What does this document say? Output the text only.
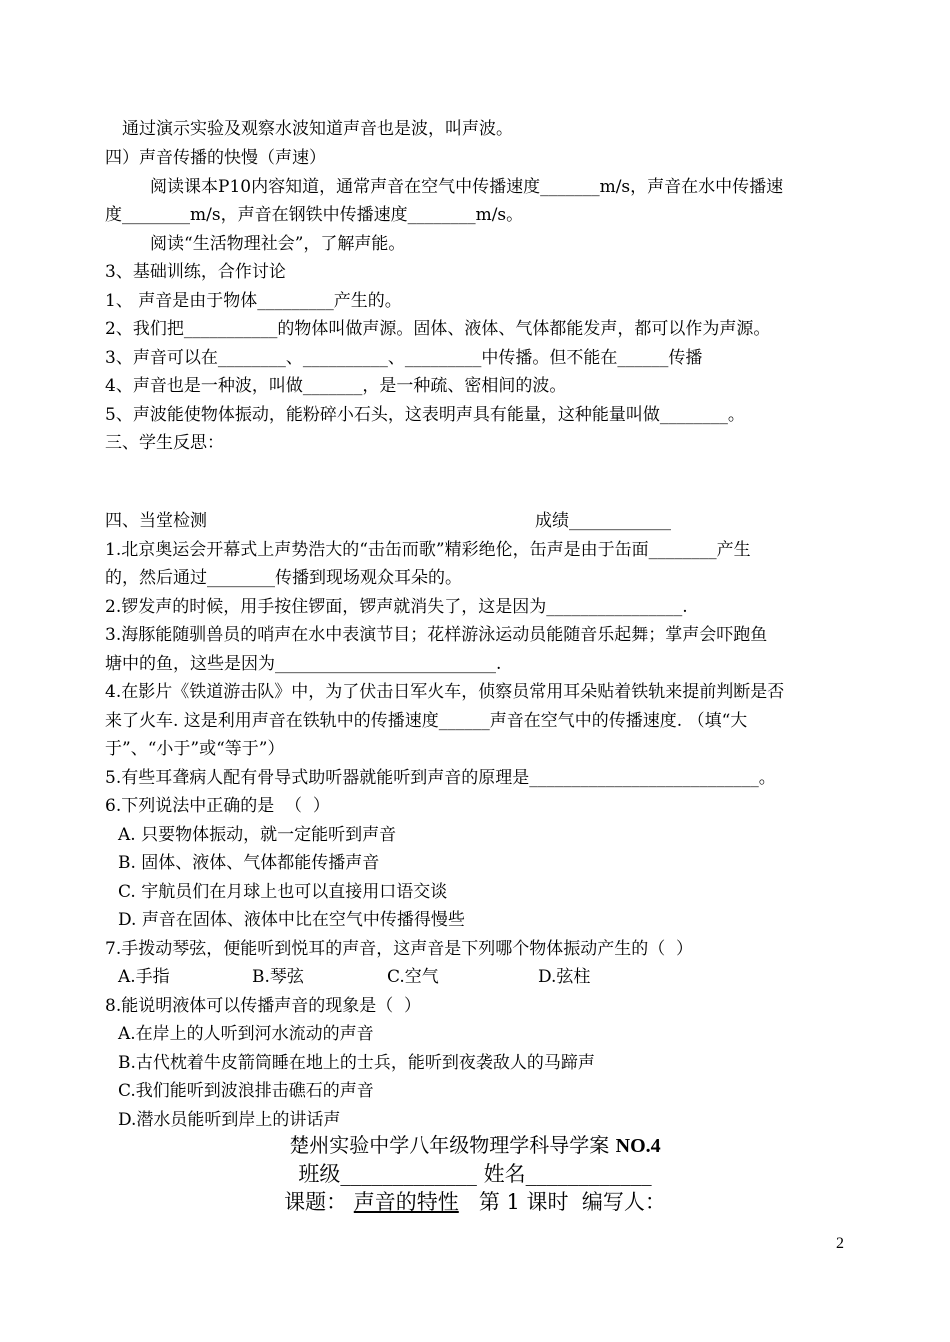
通过演示实验及观察水波知道声音也是波，叫声波。
四）声音传播的快慢（声速）
阅读课本P10内容知道，通常声音在空气中传播速度_______m/s，声音在水中传播速
度________m/s，声音在钢铁中传播速度________m/s。
阅读“生活物理社会”，了解声能。
3、基础训练，合作讨论
1、 声音是由于物体_________产生的。
2、我们把___________的物体叫做声源。固体、液体、气体都能发声，都可以作为声源。
3、声音可以在________、__________、_________中传播。但不能在______传播
4、声音也是一种波，叫做_______，是一种疏、密相间的波。
5、声波能使物体振动，能粉碎小石头，这表明声具有能量，这种能量叫做________。
三、学生反思：
四、当堂检测	成绩____________
1.北京奥运会开幕式上声势浩大的“击缶而歌”精彩绝伦，缶声是由于缶面________产生
的，然后通过________传播到现场观众耳朵的。
2.锣发声的时候，用手按住锣面，锣声就消失了，这是因为________________.
3.海豚能随驯兽员的哨声在水中表演节目；花样游泳运动员能随音乐起舞；掌声会吓跑鱼
塘中的鱼，这些是因为__________________________.
4.在影片《铁道游击队》中，为了伏击日军火车，侦察员常用耳朵贴着铁轨来提前判断是否
来了火车. 这是利用声音在铁轨中的传播速度______声音在空气中的传播速度. （填“大
于”、“小于”或“等于”）
5.有些耳聋病人配有骨导式助听器就能听到声音的原理是___________________________。
6.下列说法中正确的是  （  ）
A. 只要物体振动，就一定能听到声音
B. 固体、液体、气体都能传播声音
C. 宇航员们在月球上也可以直接用口语交谈
D. 声音在固体、液体中比在空气中传播得慢些
7.手拨动琴弦，便能听到悦耳的声音，这声音是下列哪个物体振动产生的（  ）
A.手指	B.琴弦	C.空气	D.弦柱
8.能说明液体可以传播声音的现象是（  ）
A.在岸上的人听到河水流动的声音
B.古代枕着牛皮箭筒睡在地上的士兵，能听到夜袭敌人的马蹄声
C.我们能听到波浪排击礁石的声音
D.潜水员能听到岸上的讲话声
楚州实验中学八年级物理学科导学案 NO.4
班级_____________ 姓名____________
课题： 声音的特性 第 1 课时 编写人：
2
